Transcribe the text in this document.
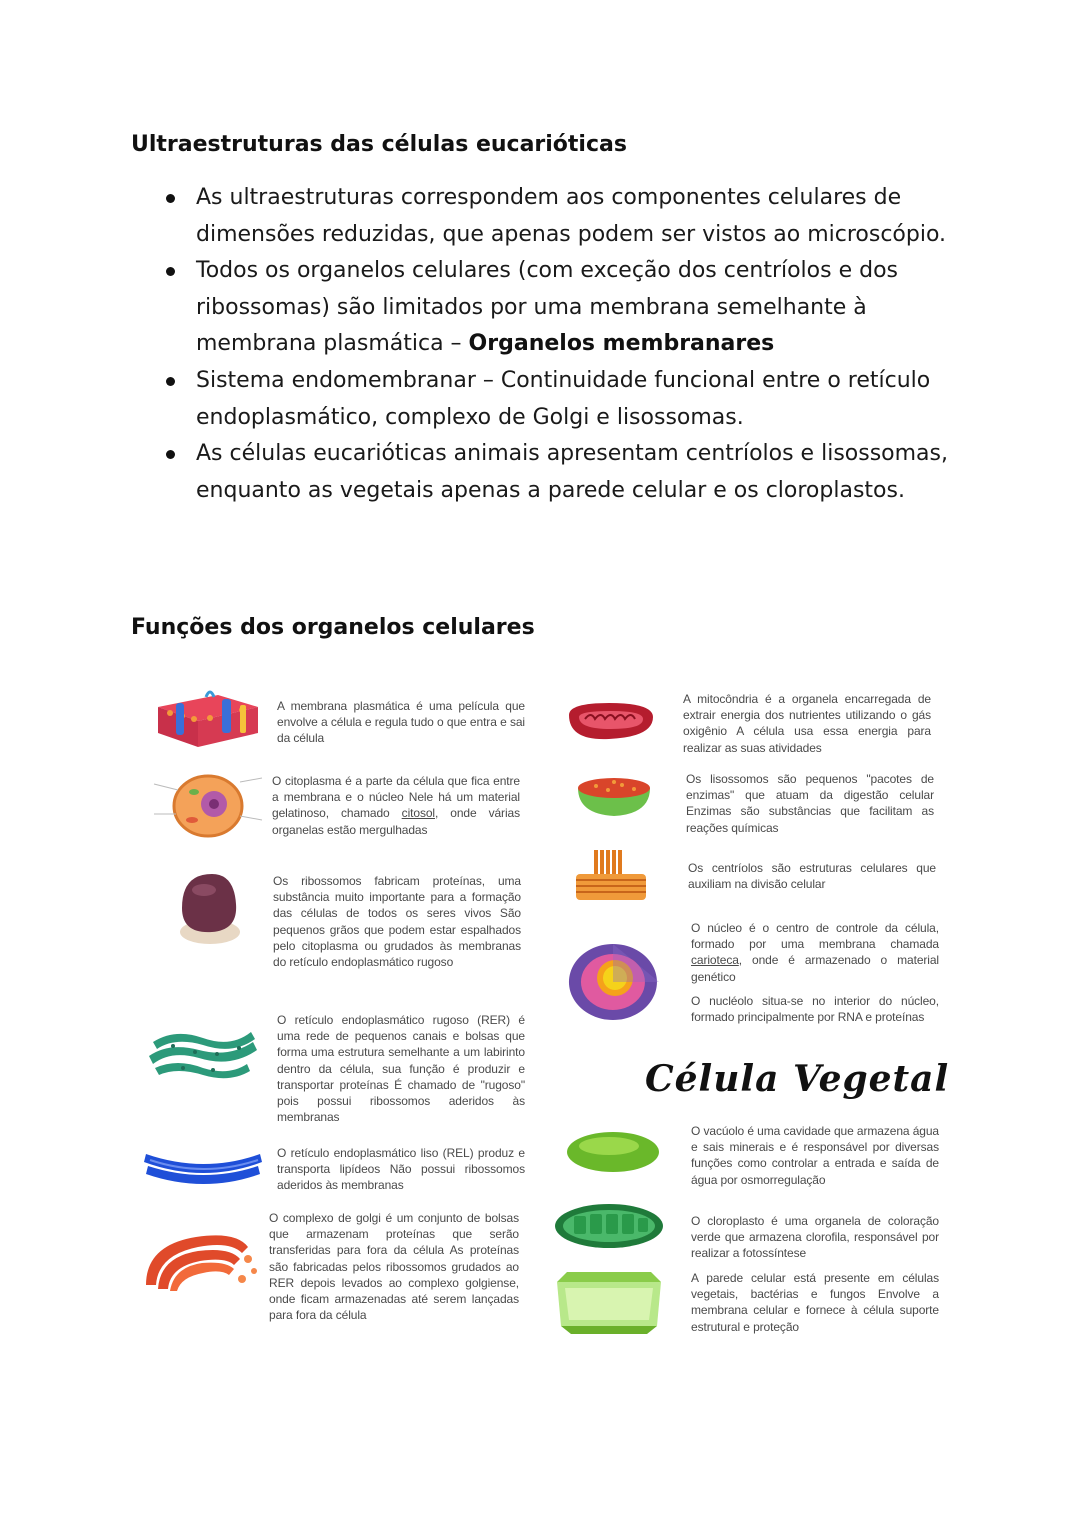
Ultraestruturas das células eucarióticas
As ultraestruturas correspondem aos componentes celulares de dimensões reduzidas, que apenas podem ser vistos ao microscópio.
Todos os organelos celulares (com exceção dos centríolos e dos ribossomas) são limitados por uma membrana semelhante à membrana plasmática – Organelos membranares
Sistema endomembranar – Continuidade funcional entre o retículo endoplasmático, complexo de Golgi e lisossomas.
As células eucarióticas animais apresentam centríolos e lisossomas, enquanto as vegetais apenas a parede celular e os cloroplastos.
Funções dos organelos celulares

A membrana plasmática é uma película que envolve a célula e regula tudo o que entra e sai da célula

O citoplasma é a parte da célula que fica entre a membrana e o núcleo Nele há um material gelatinoso, chamado citosol, onde várias organelas estão mergulhadas

Os ribossomos fabricam proteínas, uma substância muito importante para a formação das células de todos os seres vivos São pequenos grãos que podem estar espalhados pelo citoplasma ou grudados às membranas do retículo endoplasmático rugoso

O retículo endoplasmático rugoso (RER) é uma rede de pequenos canais e bolsas que forma uma estrutura semelhante a um labirinto dentro da célula, sua função é produzir e transportar proteínas É chamado de "rugoso" pois possui ribossomos aderidos às membranas

O retículo endoplasmático liso (REL) produz e transporta lipídeos Não possui ribossomos aderidos às membranas

O complexo de golgi é um conjunto de bolsas que armazenam proteínas que serão transferidas para fora da célula As proteínas são fabricadas pelos ribossomos grudados ao RER depois levados ao complexo golgiense, onde ficam armazenadas até serem lançadas para fora da célula

A mitocôndria é a organela encarregada de extrair energia dos nutrientes utilizando o gás oxigênio A célula usa essa energia para realizar as suas atividades

Os lisossomos são pequenos "pacotes de enzimas" que atuam da digestão celular Enzimas são substâncias que facilitam as reações químicas

Os centríolos são estruturas celulares que auxiliam na divisão celular

O núcleo é o centro de controle da célula, formado por uma membrana chamada carioteca, onde é armazenado o material genético

O nucléolo situa-se no interior do núcleo, formado principalmente por RNA e proteínas

Célula Vegetal

O vacúolo é uma cavidade que armazena água e sais minerais e é responsável por diversas funções como controlar a entrada e saída de água por osmorregulação

O cloroplasto é uma organela de coloração verde que armazena clorofila, responsável por realizar a fotossíntese

A parede celular está presente em células vegetais, bactérias e fungos Envolve a membrana celular e fornece à célula suporte estrutural e proteção
